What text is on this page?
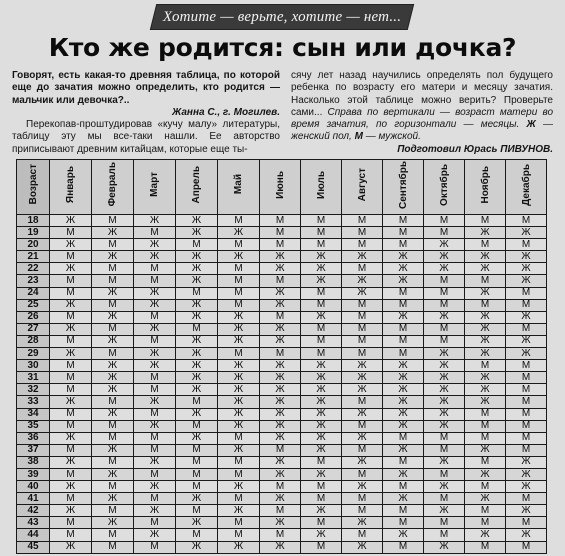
Хотите — верьте, хотите — нет...
Кто же родится: сын или дочка?

Говорят, есть какая-то древняя таблица, по которой еще до зачатия можно определить, кто родится — мальчик или девочка?..

Жанна С., г. Могилев.

Перекопав-проштудировав «кучу малу» литературы, таблицу эту мы все-таки нашли. Ее авторство приписывают древним китайцам, которые еще ты-

сячу лет назад научились определять пол будущего ребенка по возрасту его матери и месяцу зачатия. Насколько этой таблице можно верить? Проверьте сами... Справа по вертикали — возраст матери во время зачатия, по горизонтали — месяцы. Ж — женский пол, М — мужской.

Подготовил Юрась ПИВУНОВ.

Возраст	Январь	Февраль	Март	Апрель	Май	Июнь	Июль	Август	Сентябрь	Октябрь	Ноябрь	Декабрь
18	Ж	М	Ж	Ж	М	М	М	М	М	М	М	М
19	М	Ж	М	Ж	Ж	М	М	М	М	М	Ж	Ж
20	Ж	М	Ж	М	М	М	М	М	М	Ж	М	М
21	М	Ж	Ж	Ж	Ж	Ж	Ж	Ж	Ж	Ж	Ж	Ж
22	Ж	М	М	Ж	М	Ж	Ж	М	Ж	Ж	Ж	Ж
23	М	М	М	Ж	М	М	Ж	Ж	Ж	М	М	Ж
24	М	Ж	Ж	М	М	Ж	М	Ж	М	М	Ж	М
25	Ж	М	Ж	Ж	М	Ж	М	М	М	М	М	М
26	М	Ж	М	Ж	Ж	М	Ж	М	Ж	Ж	Ж	Ж
27	Ж	М	Ж	М	Ж	Ж	М	М	М	М	Ж	М
28	М	Ж	М	Ж	Ж	Ж	М	М	М	М	Ж	Ж
29	Ж	М	Ж	Ж	М	М	М	М	М	Ж	Ж	Ж
30	М	Ж	Ж	Ж	Ж	Ж	Ж	Ж	Ж	Ж	М	М
31	М	Ж	М	Ж	Ж	Ж	Ж	Ж	Ж	Ж	Ж	М
32	М	Ж	М	Ж	Ж	Ж	Ж	Ж	Ж	Ж	Ж	М
33	Ж	М	Ж	М	Ж	Ж	Ж	М	Ж	Ж	Ж	М
34	М	Ж	М	Ж	Ж	Ж	Ж	Ж	Ж	Ж	М	М
35	М	М	Ж	М	Ж	Ж	Ж	М	Ж	Ж	М	М
36	Ж	М	М	Ж	М	Ж	Ж	Ж	М	М	М	М
37	М	Ж	М	М	Ж	М	Ж	М	Ж	М	Ж	М
38	Ж	М	Ж	М	М	Ж	М	Ж	М	Ж	М	Ж
39	М	Ж	М	М	М	Ж	Ж	М	Ж	М	Ж	Ж
40	Ж	М	Ж	М	Ж	М	М	Ж	М	Ж	М	Ж
41	М	Ж	М	Ж	М	Ж	М	М	Ж	М	Ж	М
42	Ж	М	Ж	М	Ж	М	Ж	М	М	Ж	М	Ж
43	М	Ж	М	Ж	М	Ж	М	Ж	М	М	М	М
44	М	М	Ж	М	М	М	Ж	М	Ж	М	Ж	Ж
45	Ж	М	М	Ж	Ж	Ж	М	Ж	М	Ж	М	М
